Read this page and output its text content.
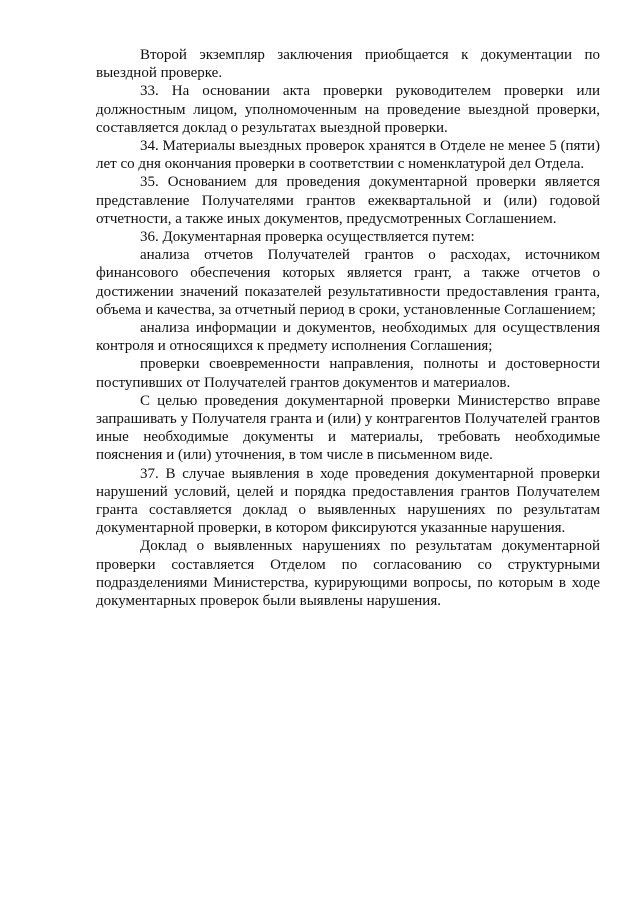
Второй экземпляр заключения приобщается к документации по выездной проверке.

33. На основании акта проверки руководителем проверки или должностным лицом, уполномоченным на проведение выездной проверки, составляется доклад о результатах выездной проверки.

34. Материалы выездных проверок хранятся в Отделе не менее 5 (пяти) лет со дня окончания проверки в соответствии с номенклатурой дел Отдела.

35. Основанием для проведения документарной проверки является представление Получателями грантов ежеквартальной и (или) годовой отчетности, а также иных документов, предусмотренных Соглашением.

36. Документарная проверка осуществляется путем:

анализа отчетов Получателей грантов о расходах, источником финансового обеспечения которых является грант, а также отчетов о достижении значений показателей результативности предоставления гранта, объема и качества, за отчетный период в сроки, установленные Соглашением;

анализа информации и документов, необходимых для осуществления контроля и относящихся к предмету исполнения Соглашения;

проверки своевременности направления, полноты и достоверности поступивших от Получателей грантов документов и материалов.

С целью проведения документарной проверки Министерство вправе запрашивать у Получателя гранта и (или) у контрагентов Получателей грантов иные необходимые документы и материалы, требовать необходимые пояснения и (или) уточнения, в том числе в письменном виде.

37. В случае выявления в ходе проведения документарной проверки нарушений условий, целей и порядка предоставления грантов Получателем гранта составляется доклад о выявленных нарушениях по результатам документарной проверки, в котором фиксируются указанные нарушения.

Доклад о выявленных нарушениях по результатам документарной проверки составляется Отделом по согласованию со структурными подразделениями Министерства, курирующими вопросы, по которым в ходе документарных проверок были выявлены нарушения.
